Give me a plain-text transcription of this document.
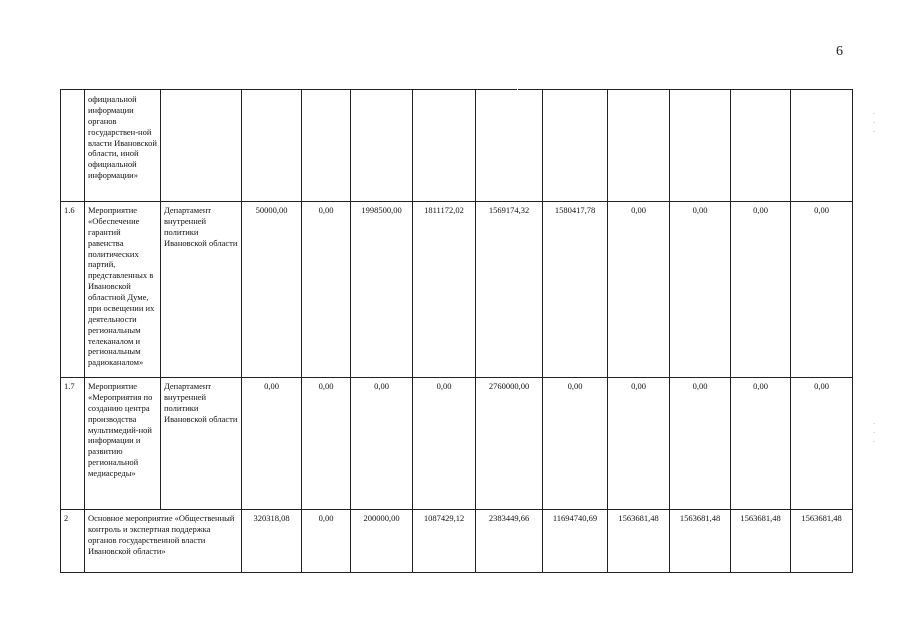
6
	официальной информации органов государствен-ной власти Ивановской области, иной официальной информации»											
1.6	Мероприятие «Обеспечение гарантий равенства политических партий, представленных в Ивановской областной Думе, при освещении их деятельности региональным телеканалом и региональным радиоканалом»	Департамент внутренней политики Ивановской области	50000,00	0,00	1998500,00	1811172,02	1569174,32	1580417,78	0,00	0,00	0,00	0,00
1.7	Мероприятие «Мероприятия по созданию центра производства мультимедий-ной информации и развитию региональной медиасреды»	Департамент внутренней политики Ивановской области	0,00	0,00	0,00	0,00	2760000,00	0,00	0,00	0,00	0,00	0,00
2	Основное мероприятие «Общественный контроль и экспертная поддержка органов государственной власти Ивановской области»		320318,08	0,00	200000,00	1087429,12	2383449,66	11694740,69	1563681,48	1563681,48	1563681,48	1563681,48
·
·
·
·
·
·
